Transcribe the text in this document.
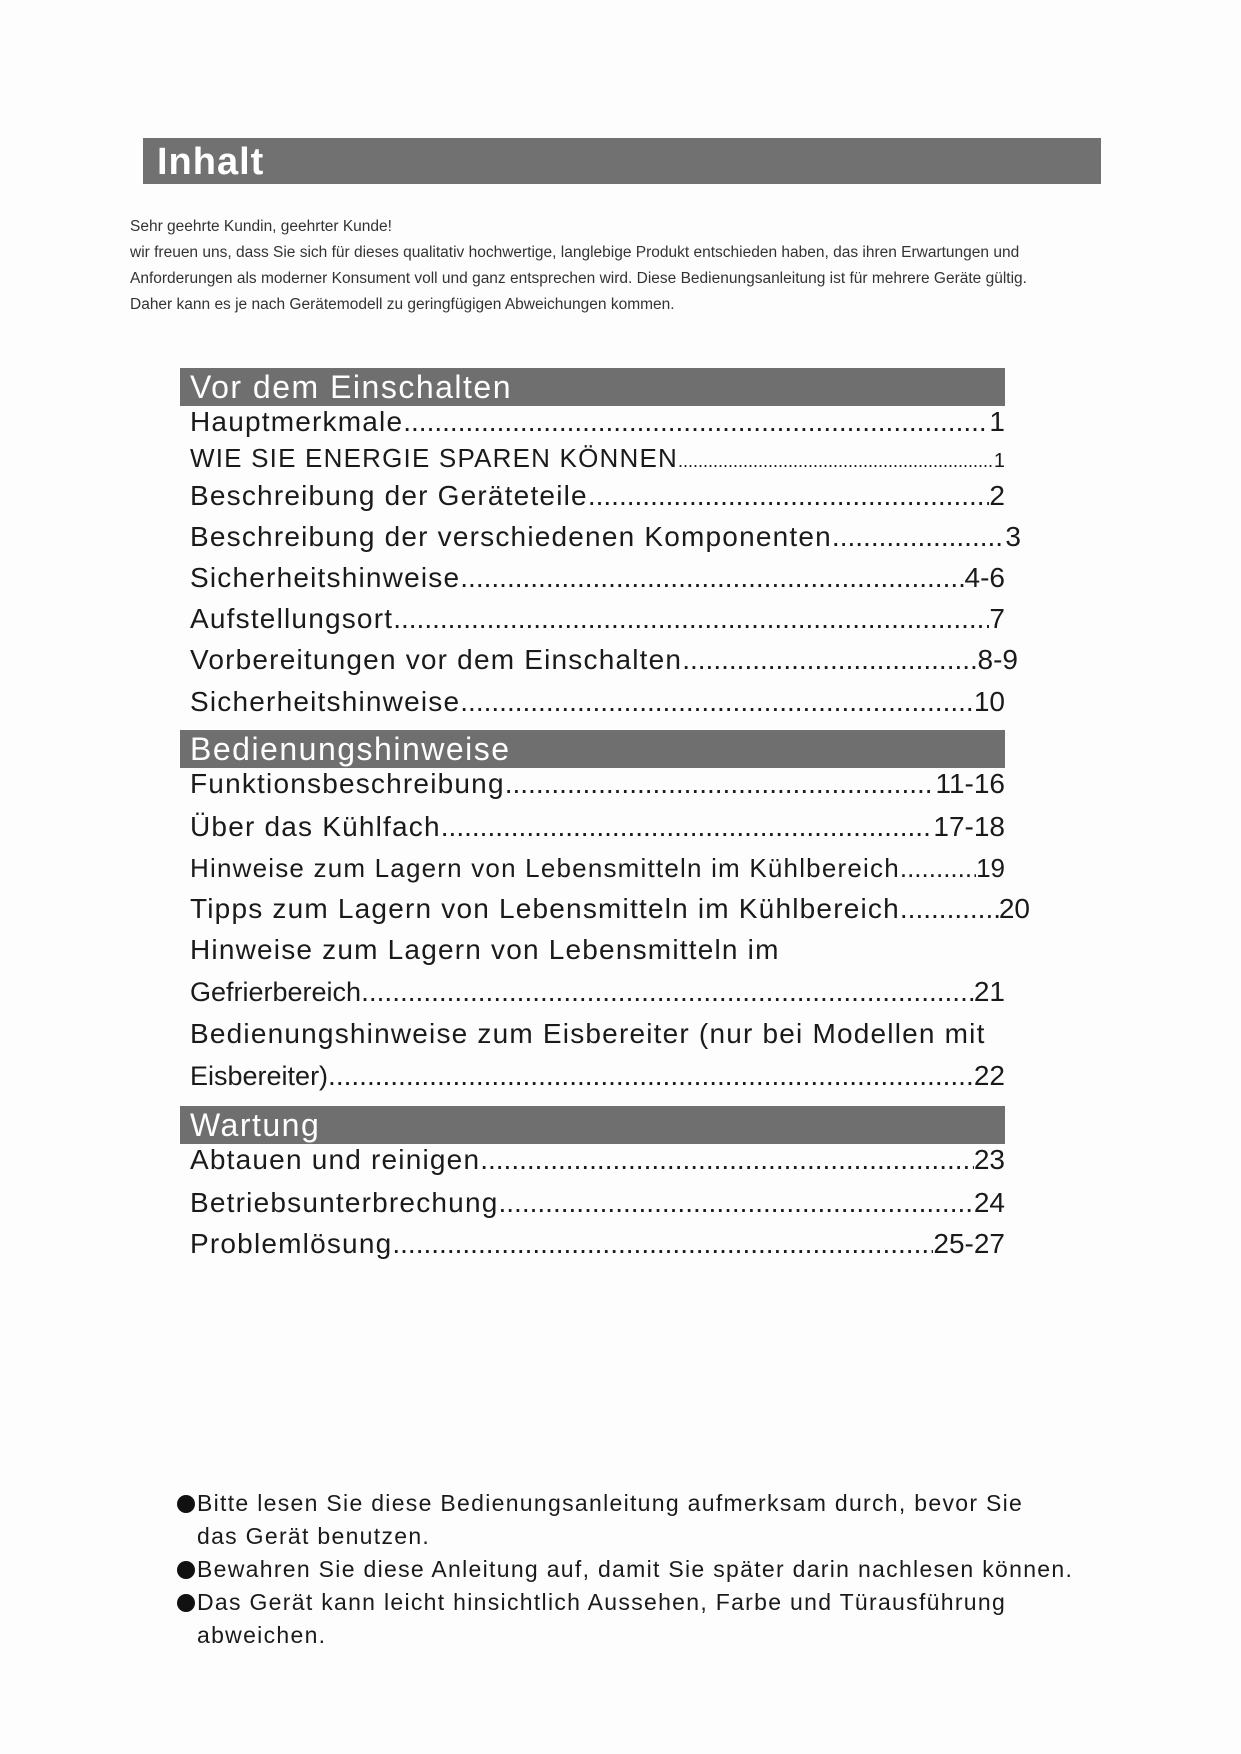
Inhalt
Sehr geehrte Kundin, geehrter Kunde!
wir freuen uns, dass Sie sich für dieses qualitativ hochwertige, langlebige Produkt entschieden haben, das ihren Erwartungen und
Anforderungen als moderner Konsument voll und ganz entsprechen wird. Diese Bedienungsanleitung ist für mehrere Geräte gültig.
Daher kann es je nach Gerätemodell zu geringfügigen Abweichungen kommen.
Vor dem Einschalten
Hauptmerkmale .....	1
WIE SIE ENERGIE SPAREN KÖNNEN .....	1
Beschreibung der Geräteteile .....	2
Beschreibung der verschiedenen Komponenten .....	3
Sicherheitshinweise .....	4-6
Aufstellungsort .....	7
Vorbereitungen vor dem Einschalten .....	8-9
Sicherheitshinweise .....	10
Bedienungshinweise
Funktionsbeschreibung .....	11-16
Über das Kühlfach .....	17-18
Hinweise zum Lagern von Lebensmitteln im Kühlbereich .....	19
Tipps zum Lagern von Lebensmitteln im Kühlbereich .....	20
Hinweise zum Lagern von Lebensmitteln im
Gefrierbereich .....	21
Bedienungshinweise zum Eisbereiter (nur bei Modellen mit
Eisbereiter) .....	22
Wartung
Abtauen und reinigen .....	23
Betriebsunterbrechung .....	24
Problemlösung .....	25-27
Bitte lesen Sie diese Bedienungsanleitung aufmerksam durch, bevor Sie
das Gerät benutzen.
Bewahren Sie diese Anleitung auf, damit Sie später darin nachlesen können.
Das Gerät kann leicht hinsichtlich Aussehen, Farbe und Türausführung
abweichen.
